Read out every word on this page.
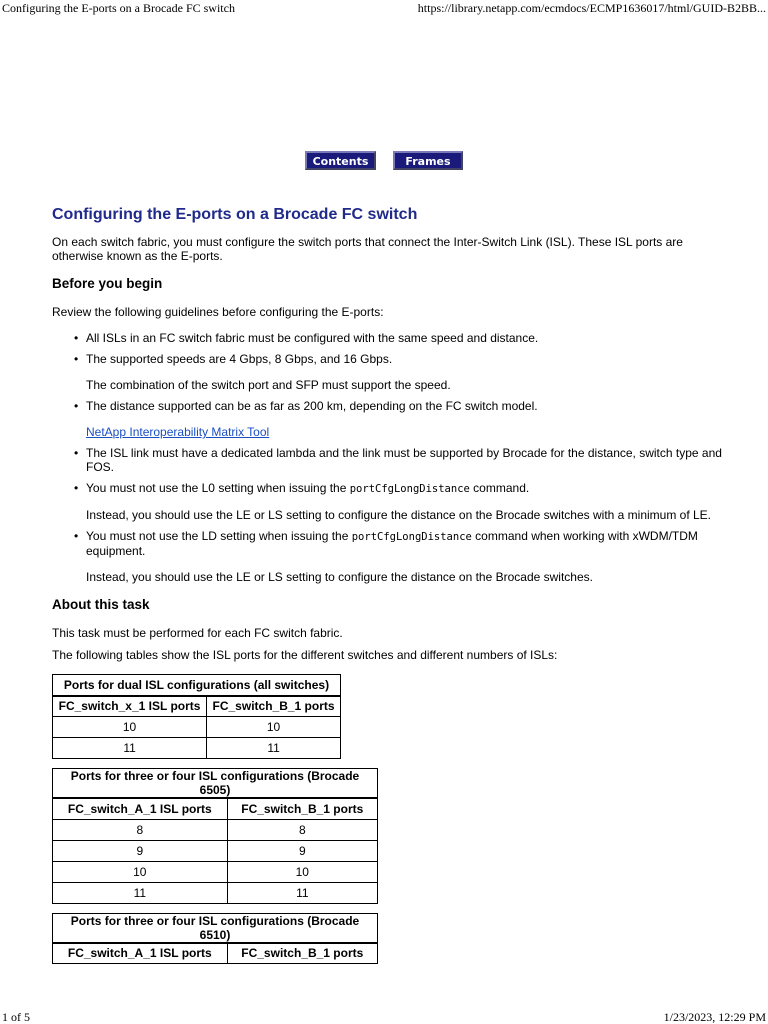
Configuring the E-ports on a Brocade FC switch	https://library.netapp.com/ecmdocs/ECMP1636017/html/GUID-B2BB...
Contents	Frames
Configuring the E-ports on a Brocade FC switch

On each switch fabric, you must configure the switch ports that connect the Inter-Switch Link (ISL). These ISL ports are otherwise known as the E-ports.

Before you begin

Review the following guidelines before configuring the E-ports:

• All ISLs in an FC switch fabric must be configured with the same speed and distance.
• The supported speeds are 4 Gbps, 8 Gbps, and 16 Gbps.
The combination of the switch port and SFP must support the speed.
• The distance supported can be as far as 200 km, depending on the FC switch model.
NetApp Interoperability Matrix Tool
• The ISL link must have a dedicated lambda and the link must be supported by Brocade for the distance, switch type and FOS.
• You must not use the L0 setting when issuing the portCfgLongDistance command.
Instead, you should use the LE or LS setting to configure the distance on the Brocade switches with a minimum of LE.
• You must not use the LD setting when issuing the portCfgLongDistance command when working with xWDM/TDM equipment.
Instead, you should use the LE or LS setting to configure the distance on the Brocade switches.
About this task

This task must be performed for each FC switch fabric.

The following tables show the ISL ports for the different switches and different numbers of ISLs:

Ports for dual ISL configurations (all switches)	
FC_switch_x_1 ISL ports	FC_switch_B_1 ports
10	10
11	11
Ports for three or four ISL configurations (Brocade 6505)	
FC_switch_A_1 ISL ports	FC_switch_B_1 ports
8	8
9	9
10	10
11	11
Ports for three or four ISL configurations (Brocade 6510)
FC_switch_A_1 ISL ports	FC_switch_B_1 ports
1 of 5	1/23/2023, 12:29 PM
